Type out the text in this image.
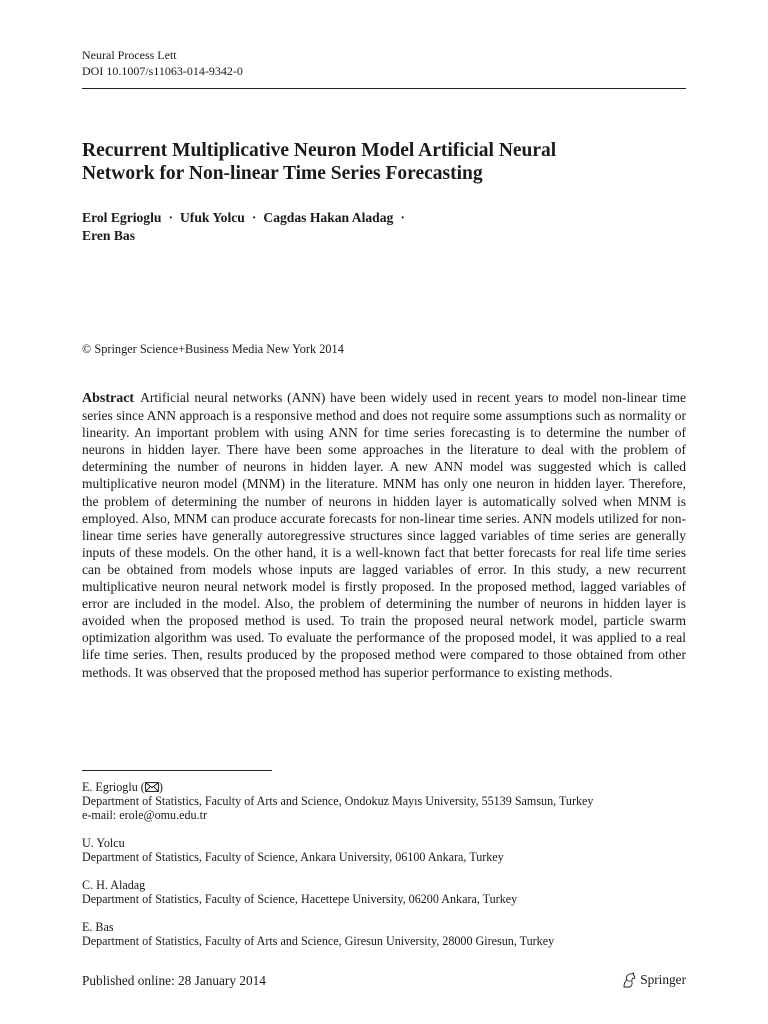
Neural Process Lett
DOI 10.1007/s11063-014-9342-0
Recurrent Multiplicative Neuron Model Artificial Neural
Network for Non-linear Time Series Forecasting
Erol Egrioglu · Ufuk Yolcu · Cagdas Hakan Aladag ·
Eren Bas
© Springer Science+Business Media New York 2014
Abstract Artificial neural networks (ANN) have been widely used in recent years to model non-linear time series since ANN approach is a responsive method and does not require some assumptions such as normality or linearity. An important problem with using ANN for time series forecasting is to determine the number of neurons in hidden layer. There have been some approaches in the literature to deal with the problem of determining the number of neurons in hidden layer. A new ANN model was suggested which is called multiplicative neuron model (MNM) in the literature. MNM has only one neuron in hidden layer. Therefore, the problem of determining the number of neurons in hidden layer is automatically solved when MNM is employed. Also, MNM can produce accurate forecasts for non-linear time series. ANN models utilized for non-linear time series have generally autoregressive structures since lagged variables of time series are generally inputs of these models. On the other hand, it is a well-known fact that better forecasts for real life time series can be obtained from models whose inputs are lagged variables of error. In this study, a new recurrent multiplicative neuron neural network model is firstly proposed. In the proposed method, lagged variables of error are included in the model. Also, the problem of determining the number of neurons in hidden layer is avoided when the proposed method is used. To train the proposed neural network model, particle swarm optimization algorithm was used. To evaluate the performance of the proposed model, it was applied to a real life time series. Then, results produced by the proposed method were compared to those obtained from other methods. It was observed that the proposed method has superior performance to existing methods.
E. Egrioglu ( )
Department of Statistics, Faculty of Arts and Science, Ondokuz Mayıs University, 55139 Samsun, Turkey
e-mail: erole@omu.edu.tr
U. Yolcu
Department of Statistics, Faculty of Science, Ankara University, 06100 Ankara, Turkey
C. H. Aladag
Department of Statistics, Faculty of Science, Hacettepe University, 06200 Ankara, Turkey
E. Bas
Department of Statistics, Faculty of Arts and Science, Giresun University, 28000 Giresun, Turkey
Published online: 28 January 2014	Springer
